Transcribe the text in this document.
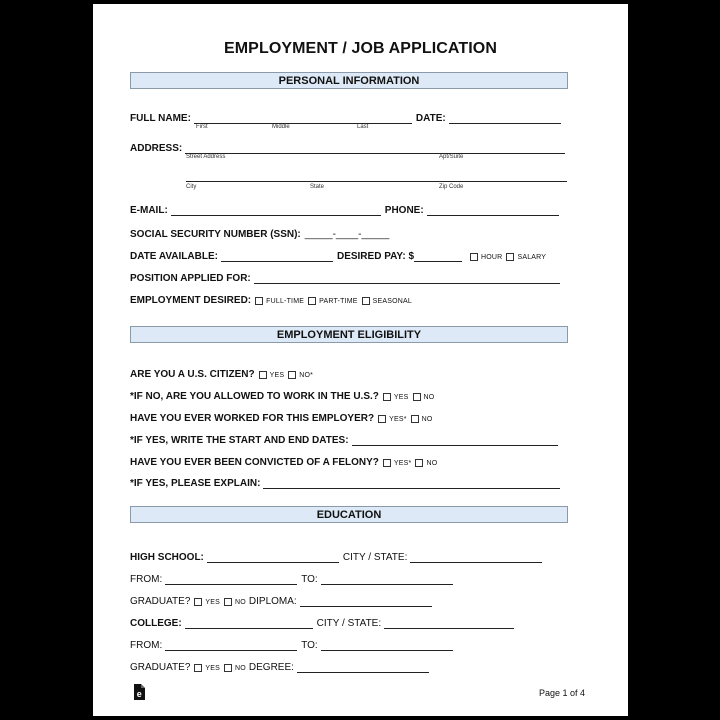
EMPLOYMENT / JOB APPLICATION
PERSONAL INFORMATION
FULL NAME:	DATE:
First	Middle	Last
ADDRESS:
Street Address	Apt/Suite
City	State	Zip Code
E-MAIL:	PHONE:
SOCIAL SECURITY NUMBER (SSN): _____-____-_____
DATE AVAILABLE:	DESIRED PAY: $	HOUR SALARY
POSITION APPLIED FOR:
EMPLOYMENT DESIRED: FULL-TIME PART-TIME SEASONAL
EMPLOYMENT ELIGIBILITY
ARE YOU A U.S. CITIZEN? YES NO*
*IF NO, ARE YOU ALLOWED TO WORK IN THE U.S.? YES NO
HAVE YOU EVER WORKED FOR THIS EMPLOYER? YES* NO
*IF YES, WRITE THE START AND END DATES:
HAVE YOU EVER BEEN CONVICTED OF A FELONY? YES* NO
*IF YES, PLEASE EXPLAIN:
EDUCATION
HIGH SCHOOL:	CITY / STATE:
FROM:	TO:
GRADUATE? YES NO DIPLOMA:
COLLEGE:	CITY / STATE:
FROM:	TO:
GRADUATE? YES NO DEGREE:
e	Page 1 of 4
